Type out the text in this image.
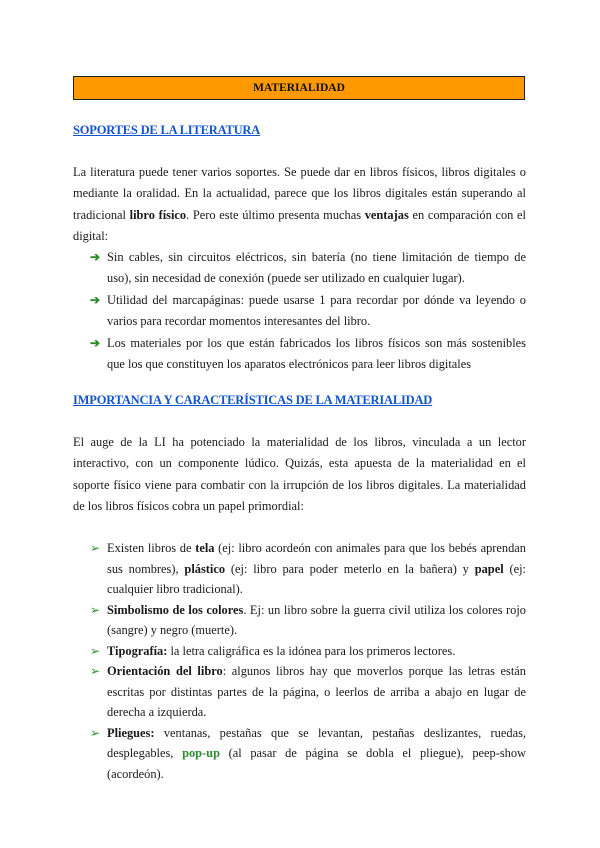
MATERIALIDAD
SOPORTES DE LA LITERATURA

La literatura puede tener varios soportes. Se puede dar en libros físicos, libros digitales o mediante la oralidad. En la actualidad, parece que los libros digitales están superando al tradicional libro físico. Pero este último presenta muchas ventajas en comparación con el digital:

➔ Sin cables, sin circuitos eléctricos, sin batería (no tiene limitación de tiempo de uso), sin necesidad de conexión (puede ser utilizado en cualquier lugar).
➔ Utilidad del marcapáginas: puede usarse 1 para recordar por dónde va leyendo o varios para recordar momentos interesantes del libro.
➔ Los materiales por los que están fabricados los libros físicos son más sostenibles que los que constituyen los aparatos electrónicos para leer libros digitales
IMPORTANCIA Y CARACTERÍSTICAS DE LA MATERIALIDAD

El auge de la LI ha potenciado la materialidad de los libros, vinculada a un lector interactivo, con un componente lúdico. Quizás, esta apuesta de la materialidad en el soporte físico viene para combatir con la irrupción de los libros digitales. La materialidad de los libros físicos cobra un papel primordial:

➢ Existen libros de tela (ej: libro acordeón con animales para que los bebés aprendan sus nombres), plástico (ej: libro para poder meterlo en la bañera) y papel (ej: cualquier libro tradicional).
➢ Simbolismo de los colores. Ej: un libro sobre la guerra civil utiliza los colores rojo (sangre) y negro (muerte).
➢ Tipografía: la letra caligráfica es la idónea para los primeros lectores.
➢ Orientación del libro: algunos libros hay que moverlos porque las letras están escritas por distintas partes de la página, o leerlos de arriba a abajo en lugar de derecha a izquierda.
➢ Pliegues: ventanas, pestañas que se levantan, pestañas deslizantes, ruedas, desplegables, pop-up (al pasar de página se dobla el pliegue), peep-show (acordeón).
